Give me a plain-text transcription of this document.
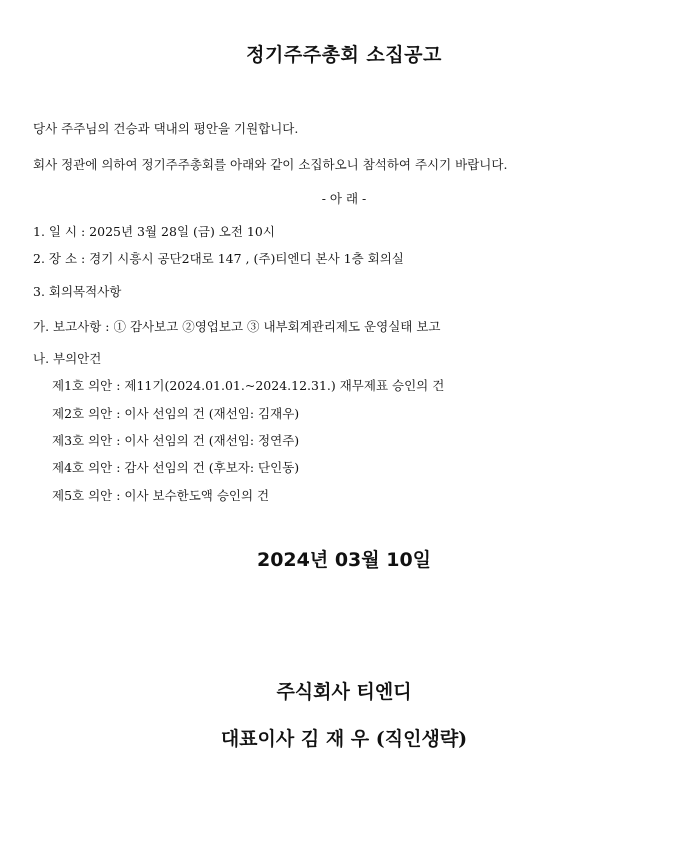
정기주주총회 소집공고
당사 주주님의 건승과 댁내의 평안을 기원합니다.
회사 정관에 의하여 정기주주총회를 아래와 같이 소집하오니 참석하여 주시기 바랍니다.
- 아 래 -
1. 일 시 : 2025년 3월 28일 (금) 오전 10시
2. 장 소 : 경기 시흥시 공단2대로 147 , (주)티엔디 본사 1층 회의실
3. 회의목적사항
가. 보고사항 : ① 감사보고 ②영업보고 ③ 내부회계관리제도 운영실태 보고
나. 부의안건
제1호 의안 : 제11기(2024.01.01.~2024.12.31.) 재무제표 승인의 건
제2호 의안 : 이사 선임의 건 (재선임: 김재우)
제3호 의안 : 이사 선임의 건 (재선임: 정연주)
제4호 의안 : 감사 선임의 건 (후보자: 단인동)
제5호 의안 : 이사 보수한도액 승인의 건
2024년 03월 10일
주식회사 티엔디
대표이사 김 재 우 (직인생략)
